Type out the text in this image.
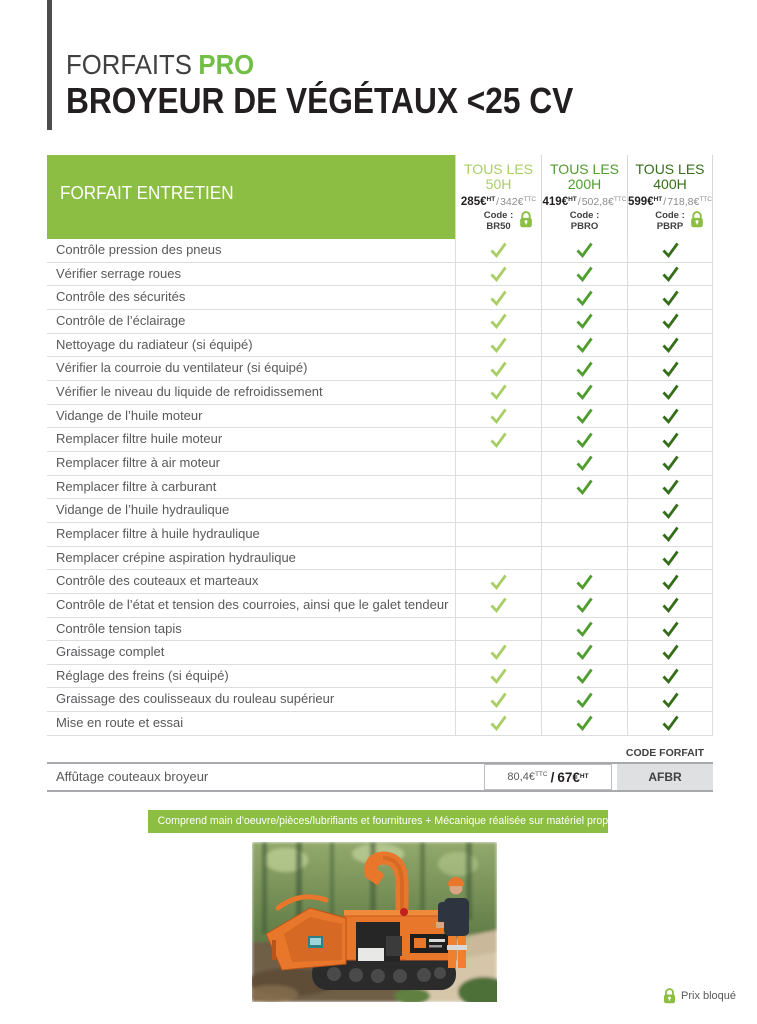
FORFAITS PRO
BROYEUR DE VÉGÉTAUX <25 CV
FORFAIT ENTRETIEN
TOUS LES
50H
285€$^{HT}$/342€$^{TTC}$
Code :
BR50
TOUS LES
200H
419€$^{HT}$/502,8€$^{TTC}$
Code :
PBRO
TOUS LES
400H
599€$^{HT}$/718,8€$^{TTC}$
Code :
PBRP
Contrôle pression des pneus
Vérifier serrage roues
Contrôle des sécurités
Contrôle de l’éclairage
Nettoyage du radiateur (si équipé)
Vérifier la courroie du ventilateur (si équipé)
Vérifier le niveau du liquide de refroidissement
Vidange de l’huile moteur
Remplacer filtre huile moteur
Remplacer filtre à air moteur
Remplacer filtre à carburant
Vidange de l’huile hydraulique
Remplacer filtre à huile hydraulique
Remplacer crépine aspiration hydraulique
Contrôle des couteaux et marteaux
Contrôle de l’état et tension des courroies, ainsi que le galet tendeur
Contrôle tension tapis
Graissage complet
Réglage des freins (si équipé)
Graissage des coulisseaux du rouleau supérieur
Mise en route et essai
CODE FORFAIT
Affûtage couteaux broyeur	80,4€$^{TTC}$ / 67€$^{HT}$	AFBR
Comprend main d’oeuvre/pièces/lubrifiants et fournitures + Mécanique réalisée sur matériel propre.
Prix bloqué
